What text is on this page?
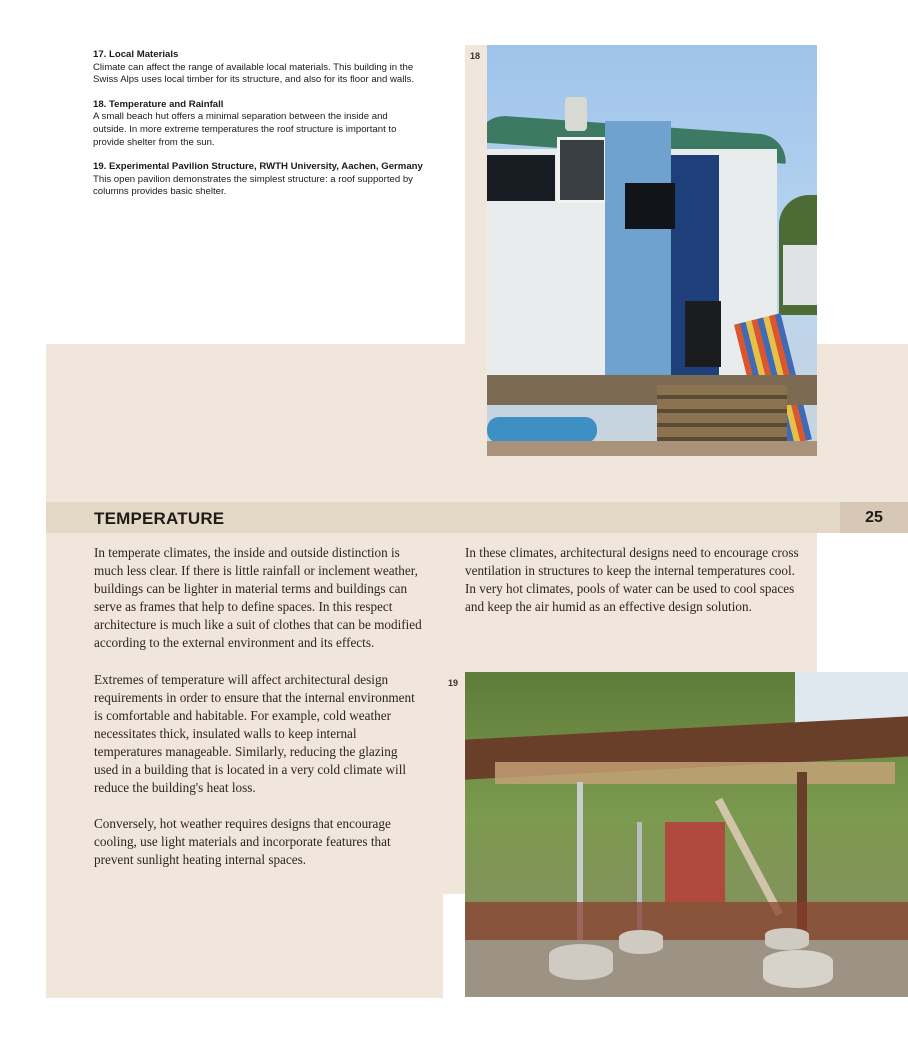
17. Local Materials
Climate can affect the range of available local materials. This building in the Swiss Alps uses local timber for its structure, and also for its floor and walls.
18. Temperature and Rainfall
A small beach hut offers a minimal separation between the inside and outside. In more extreme temperatures the roof structure is important to provide shelter from the sun.
19. Experimental Pavilion Structure, RWTH University, Aachen, Germany
This open pavilion demonstrates the simplest structure: a roof supported by columns provides basic shelter.
18
19
TEMPERATURE	25

In temperate climates, the inside and outside distinction is much less clear. If there is little rainfall or inclement weather, buildings can be lighter in material terms and buildings can serve as frames that help to define spaces. In this respect architecture is much like a suit of clothes that can be modified according to the external environment and its effects.

Extremes of temperature will affect architectural design requirements in order to ensure that the internal environment is comfortable and habitable. For example, cold weather necessitates thick, insulated walls to keep internal temperatures manageable. Similarly, reducing the glazing used in a building that is located in a very cold climate will reduce the building's heat loss.

Conversely, hot weather requires designs that encourage cooling, use light materials and incorporate features that prevent sunlight heating internal spaces.

In these climates, architectural designs need to encourage cross ventilation in structures to keep the internal temperatures cool. In very hot climates, pools of water can be used to cool spaces and keep the air humid as an effective design solution.
